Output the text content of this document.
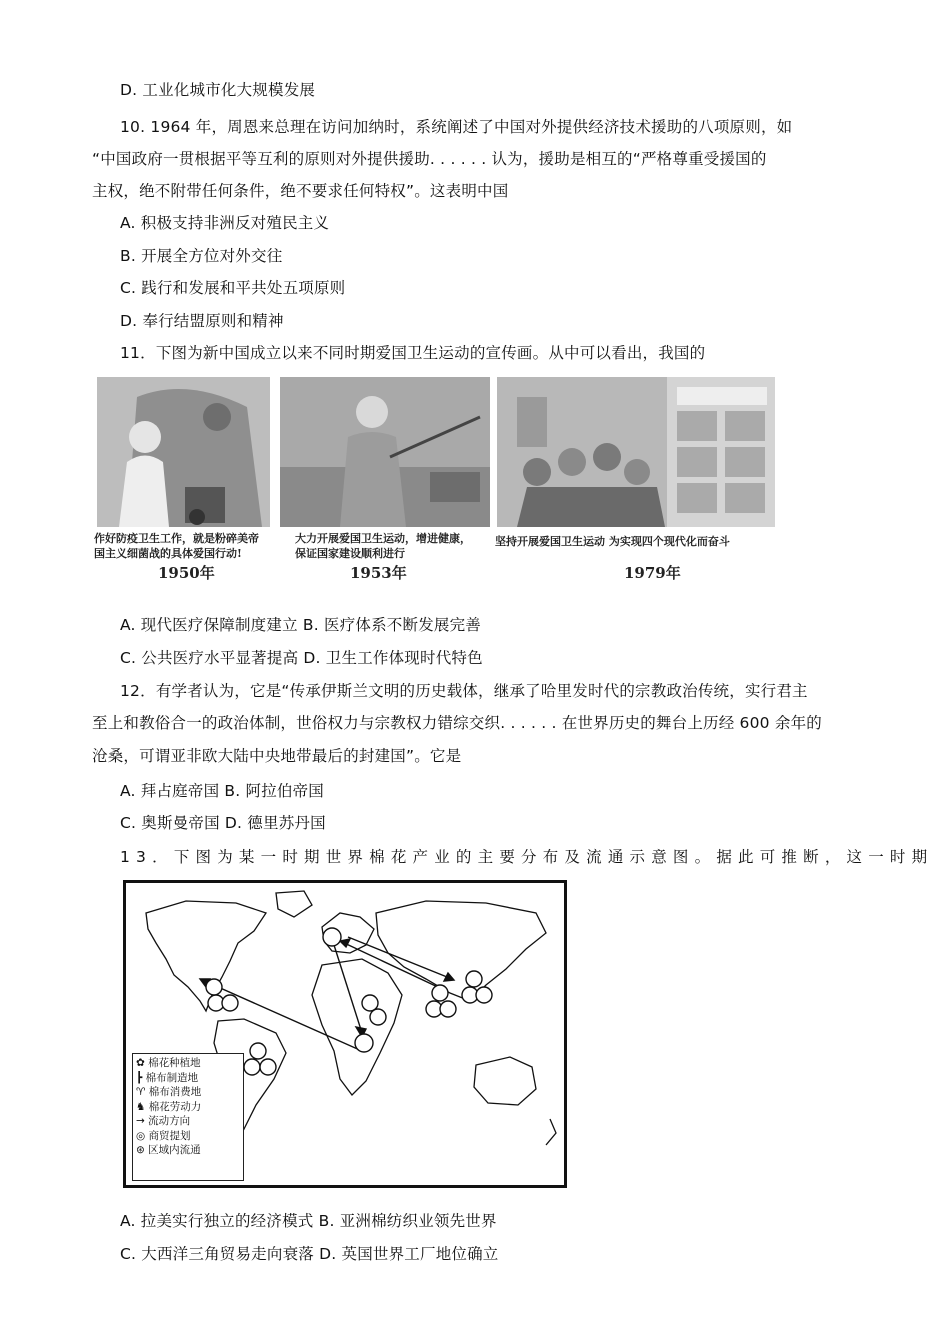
D. 工业化城市化大规模发展
10. 1964 年，周恩来总理在访问加纳时，系统阐述了中国对外提供经济技术援助的八项原则，如
“中国政府一贯根据平等互利的原则对外提供援助. . . . . . 认为，援助是相互的“严格尊重受援国的
主权，绝不附带任何条件，绝不要求任何特权”。这表明中国
A. 积极支持非洲反对殖民主义
B. 开展全方位对外交往
C. 践行和发展和平共处五项原则
D. 奉行结盟原则和精神
11．下图为新中国成立以来不同时期爱国卫生运动的宣传画。从中可以看出，我国的
作好防疫卫生工作，就是粉碎美帝
国主义细菌战的具体爱国行动!
1950年
大力开展爱国卫生运动，增进健康，
保证国家建设顺利进行
1953年
坚持开展爱国卫生运动 为实现四个现代化而奋斗
1979年
A. 现代医疗保障制度建立 B. 医疗体系不断发展完善
C. 公共医疗水平显著提高 D. 卫生工作体现时代特色
12．有学者认为，它是“传承伊斯兰文明的历史载体，继承了哈里发时代的宗教政治传统，实行君主
至上和教俗合一的政治体制，世俗权力与宗教权力错综交织. . . . . . 在世界历史的舞台上历经 600 余年的
沧桑，可谓亚非欧大陆中央地带最后的封建国”。它是
A. 拜占庭帝国 B. 阿拉伯帝国
C. 奥斯曼帝国 D. 德里苏丹国
13．下图为某一时期世界棉花产业的主要分布及流通示意图。据此可推断，这一时期
✿ 棉花种植地
┣ 棉布制造地
♈ 棉布消费地
♞ 棉花劳动力
→ 流动方向
◎ 商贸提划
⊛ 区域内流通
A. 拉美实行独立的经济模式 B. 亚洲棉纺织业领先世界
C. 大西洋三角贸易走向衰落 D. 英国世界工厂地位确立
